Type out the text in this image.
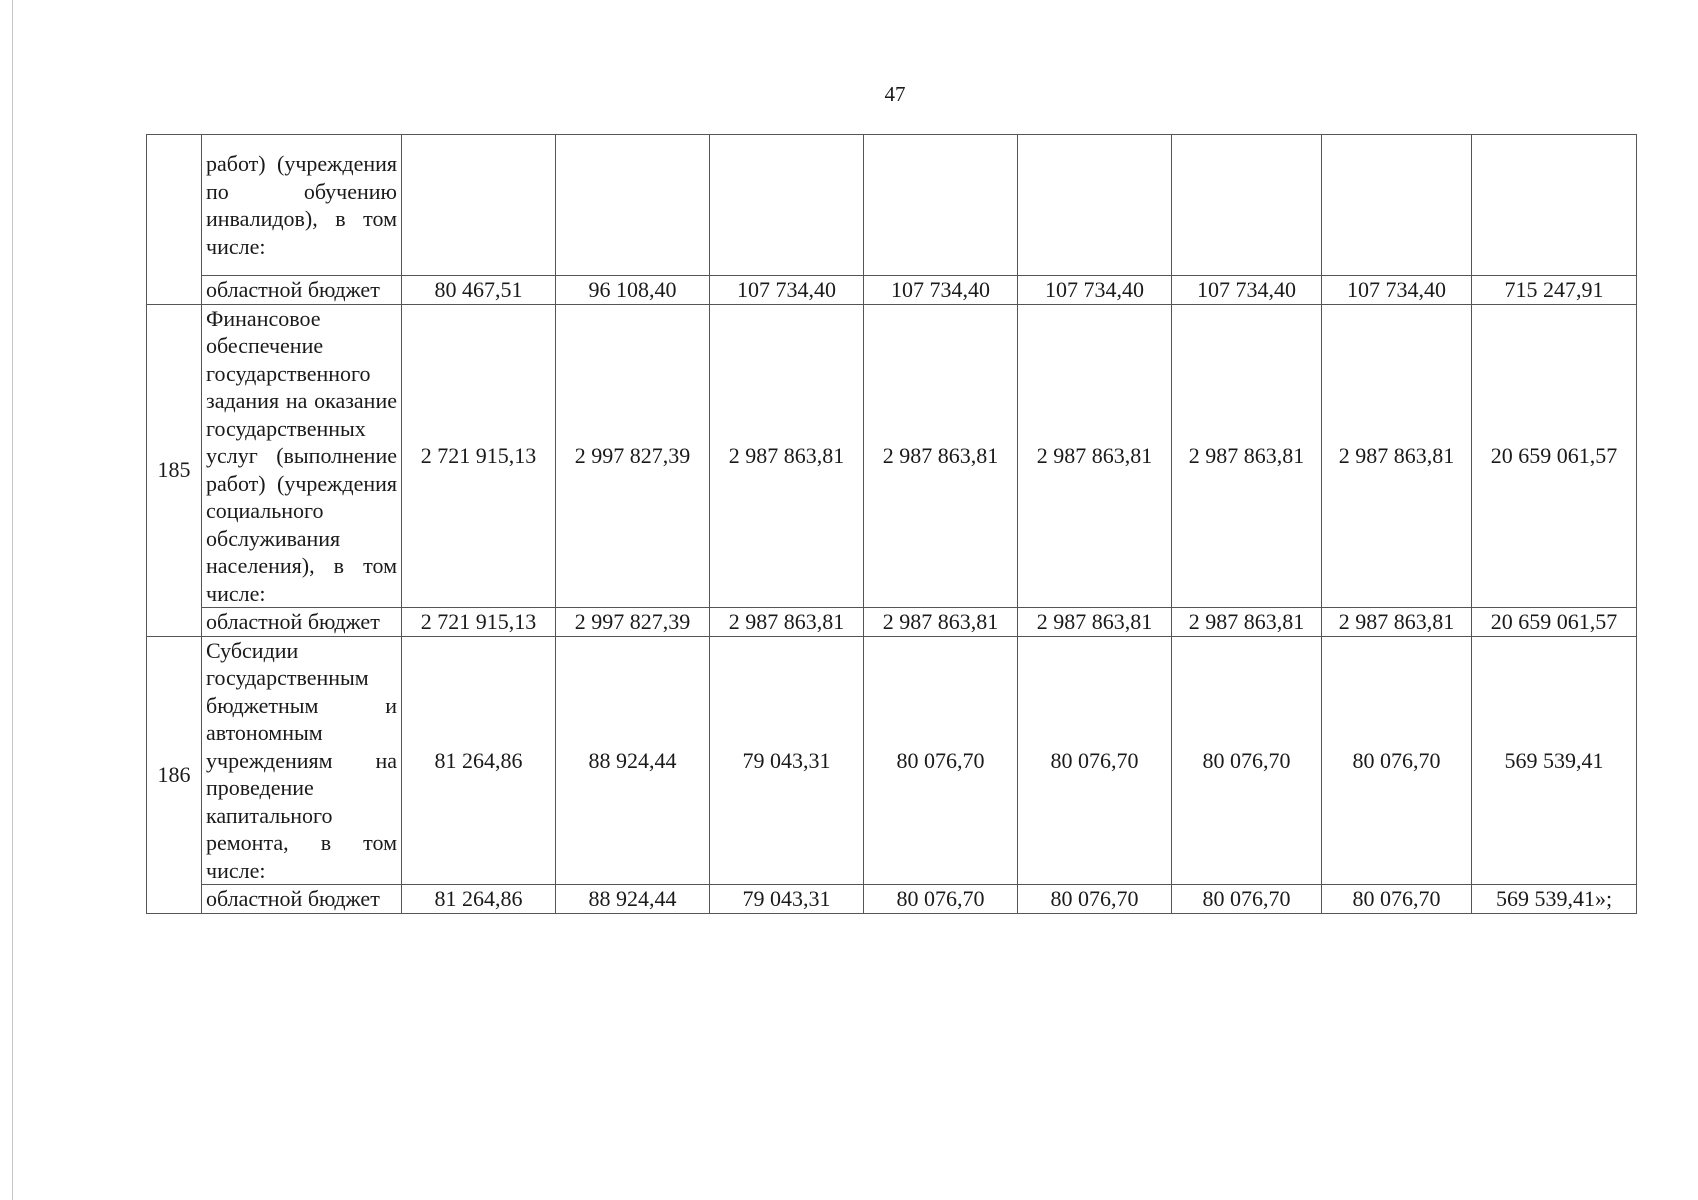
47
	работ) (учреждения по обучению инвалидов), в том числе:								
	областной бюджет	80 467,51	96 108,40	107 734,40	107 734,40	107 734,40	107 734,40	107 734,40	715 247,91
185	Финансовое обеспечение государственного задания на оказание государственных услуг (выполнение работ) (учреждения социального обслуживания населения), в том числе:	2 721 915,13	2 997 827,39	2 987 863,81	2 987 863,81	2 987 863,81	2 987 863,81	2 987 863,81	20 659 061,57
	областной бюджет	2 721 915,13	2 997 827,39	2 987 863,81	2 987 863,81	2 987 863,81	2 987 863,81	2 987 863,81	20 659 061,57
186	Субсидии государственным бюджетным и автономным учреждениям на проведение капитального ремонта, в том числе:	81 264,86	88 924,44	79 043,31	80 076,70	80 076,70	80 076,70	80 076,70	569 539,41
	областной бюджет	81 264,86	88 924,44	79 043,31	80 076,70	80 076,70	80 076,70	80 076,70	569 539,41»;
